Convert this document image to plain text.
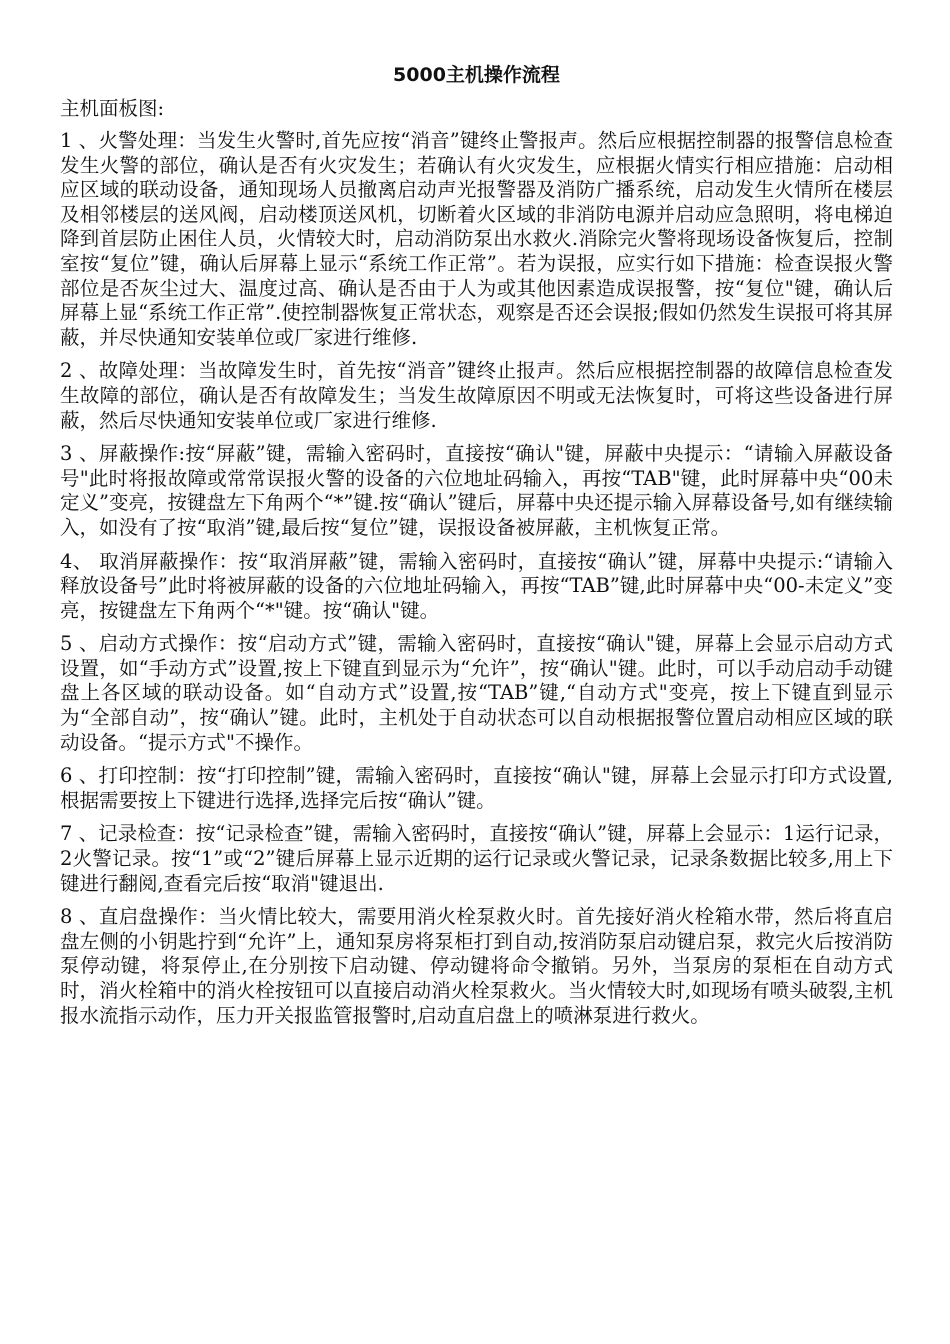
5000主机操作流程
主机面板图:

1 、火警处理：当发生火警时,首先应按“消音”键终止警报声。然后应根据控制器的报警信息检查发生火警的部位，确认是否有火灾发生；若确认有火灾发生，应根据火情实行相应措施：启动相应区域的联动设备，通知现场人员撤离启动声光报警器及消防广播系统，启动发生火情所在楼层及相邻楼层的送风阀，启动楼顶送风机，切断着火区域的非消防电源并启动应急照明，将电梯迫降到首层防止困住人员，火情较大时，启动消防泵出水救火.消除完火警将现场设备恢复后，控制室按“复位”键，确认后屏幕上显示“系统工作正常”。若为误报，应实行如下措施：检查误报火警部位是否灰尘过大、温度过高、确认是否由于人为或其他因素造成误报警，按“复位"键，确认后屏幕上显“系统工作正常”.使控制器恢复正常状态，观察是否还会误报;假如仍然发生误报可将其屏蔽，并尽快通知安装单位或厂家进行维修.

2 、故障处理：当故障发生时，首先按“消音”键终止报声。然后应根据控制器的故障信息检查发生故障的部位，确认是否有故障发生；当发生故障原因不明或无法恢复时，可将这些设备进行屏蔽，然后尽快通知安装单位或厂家进行维修.

3 、屏蔽操作:按“屏蔽”键，需输入密码时，直接按“确认"键，屏蔽中央提示：“请输入屏蔽设备号"此时将报故障或常常误报火警的设备的六位地址码输入，再按“TAB"键，此时屏幕中央“00未定义”变亮，按键盘左下角两个“*”键.按“确认”键后，屏幕中央还提示输入屏幕设备号,如有继续输入，如没有了按“取消”键,最后按“复位”键，误报设备被屏蔽，主机恢复正常。

4、 取消屏蔽操作：按“取消屏蔽”键，需输入密码时，直接按“确认”键，屏幕中央提示:“请输入释放设备号”此时将被屏蔽的设备的六位地址码输入，再按“TAB”键,此时屏幕中央“00-未定义”变亮，按键盘左下角两个“*"键。按“确认"键。

5 、启动方式操作：按“启动方式”键，需输入密码时，直接按“确认"键，屏幕上会显示启动方式设置，如“手动方式”设置,按上下键直到显示为“允许”，按“确认"键。此时，可以手动启动手动键盘上各区域的联动设备。如“自动方式”设置,按“TAB”键,“自动方式"变亮，按上下键直到显示为“全部自动”，按“确认”键。此时，主机处于自动状态可以自动根据报警位置启动相应区域的联动设备。“提示方式"不操作。

6 、打印控制：按“打印控制”键，需输入密码时，直接按“确认"键，屏幕上会显示打印方式设置,根据需要按上下键进行选择,选择完后按“确认”键。

7 、记录检查：按“记录检查”键，需输入密码时，直接按“确认”键，屏幕上会显示：1运行记录，2火警记录。按“1”或“2”键后屏幕上显示近期的运行记录或火警记录，记录条数据比较多,用上下键进行翻阅,查看完后按“取消"键退出.

8 、直启盘操作：当火情比较大，需要用消火栓泵救火时。首先接好消火栓箱水带，然后将直启盘左侧的小钥匙拧到“允许”上，通知泵房将泵柜打到自动,按消防泵启动键启泵，救完火后按消防泵停动键，将泵停止,在分别按下启动键、停动键将命令撤销。另外，当泵房的泵柜在自动方式时，消火栓箱中的消火栓按钮可以直接启动消火栓泵救火。当火情较大时,如现场有喷头破裂,主机报水流指示动作，压力开关报监管报警时,启动直启盘上的喷淋泵进行救火。
